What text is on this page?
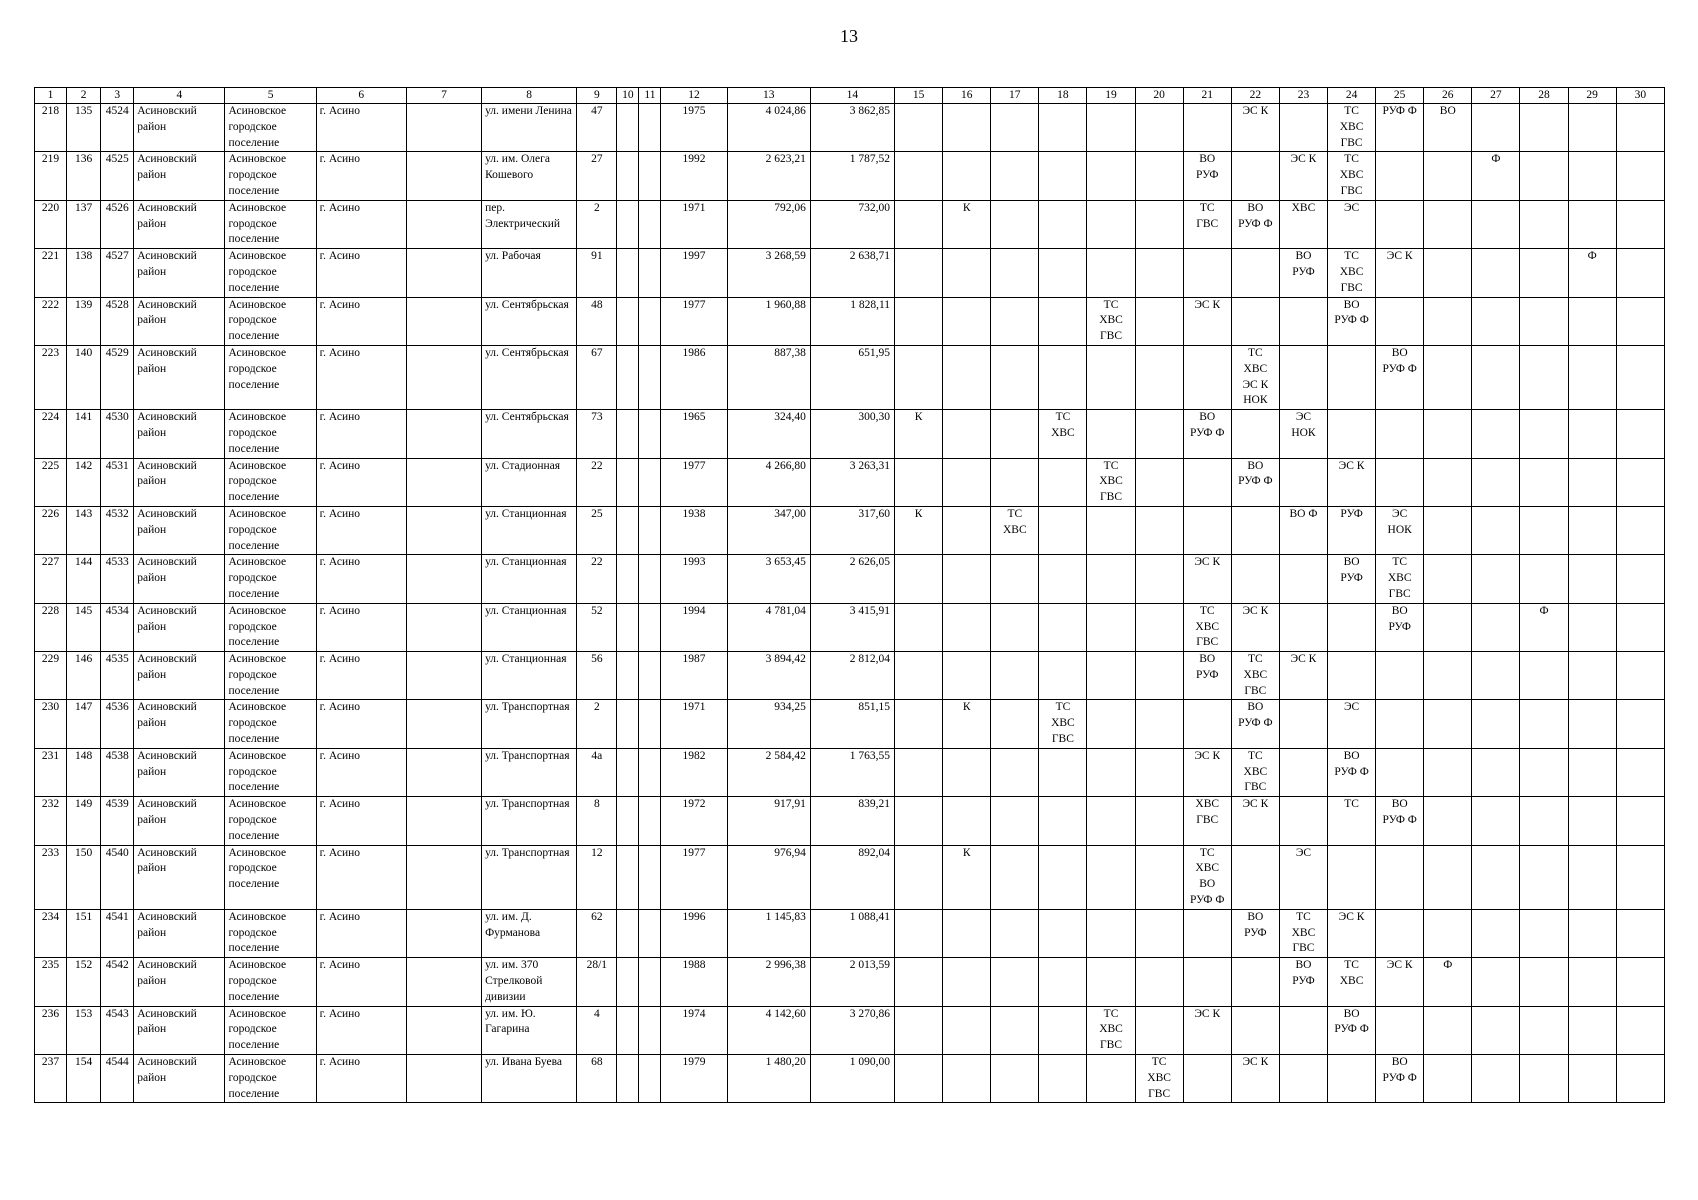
13
1	2	3	4	5	6	7	8	9	10	11	12	13	14	15	16	17	18	19	20	21	22	23	24	25	26	27	28	29	30
218	135	4524	Асиновский район	Асиновское городское поселение	г. Асино		ул. имени Ленина	47			1975	4 024,86	3 862,85								ЭС К		ТС
ХВС
ГВС	РУФ Ф	ВО				
219	136	4525	Асиновский район	Асиновское городское поселение	г. Асино		ул. им. Олега Кошевого	27			1992	2 623,21	1 787,52							ВО
РУФ		ЭС К	ТС
ХВС
ГВС			Ф			
220	137	4526	Асиновский район	Асиновское городское поселение	г. Асино		пер. Электрический	2			1971	792,06	732,00		К					ТС
ГВС	ВО
РУФ Ф	ХВС	ЭС						
221	138	4527	Асиновский район	Асиновское городское поселение	г. Асино		ул. Рабочая	91			1997	3 268,59	2 638,71									ВО
РУФ	ТС
ХВС
ГВС	ЭС К				Ф	
222	139	4528	Асиновский район	Асиновское городское поселение	г. Асино		ул. Сентябрьская	48			1977	1 960,88	1 828,11					ТС
ХВС
ГВС		ЭС К			ВО
РУФ Ф						

223	140	4529	Асиновский район	Асиновское городское поселение	г. Асино		ул. Сентябрьская	67			1986	887,38	651,95								ТС
ХВС
ЭС К
НОК			ВО
РУФ Ф					

224	141	4530	Асиновский район	Асиновское городское поселение	г. Асино		ул. Сентябрьская	73			1965	324,40	300,30	К			ТС
ХВС			ВО
РУФ Ф		ЭС
НОК							

225	142	4531	Асиновский район	Асиновское городское поселение	г. Асино		ул. Стадионная	22			1977	4 266,80	3 263,31					ТС
ХВС
ГВС			ВО
РУФ Ф		ЭС К						
226	143	4532	Асиновский район	Асиновское городское поселение	г. Асино		ул. Станционная	25			1938	347,00	317,60	К		ТС
ХВС						ВО Ф	РУФ	ЭС
НОК					

227	144	4533	Асиновский район	Асиновское городское поселение	г. Асино		ул. Станционная	22			1993	3 653,45	2 626,05							ЭС К			ВО
РУФ	ТС
ХВС
ГВС					

228	145	4534	Асиновский район	Асиновское городское поселение	г. Асино		ул. Станционная	52			1994	4 781,04	3 415,91							ТС
ХВС
ГВС	ЭС К			ВО
РУФ			Ф		
229	146	4535	Асиновский район	Асиновское городское поселение	г. Асино		ул. Станционная	56			1987	3 894,42	2 812,04							ВО
РУФ	ТС
ХВС
ГВС	ЭС К							
230	147	4536	Асиновский район	Асиновское городское поселение	г. Асино		ул. Транспортная	2			1971	934,25	851,15		К		ТС
ХВС
ГВС				ВО
РУФ Ф		ЭС						
231	148	4538	Асиновский район	Асиновское городское поселение	г. Асино		ул. Транспортная	4а			1982	2 584,42	1 763,55							ЭС К	ТС
ХВС
ГВС		ВО
РУФ Ф						

232	149	4539	Асиновский район	Асиновское городское поселение	г. Асино		ул. Транспортная	8			1972	917,91	839,21							ХВС
ГВС	ЭС К		ТС	ВО
РУФ Ф					

233	150	4540	Асиновский район	Асиновское городское поселение	г. Асино		ул. Транспортная	12			1977	976,94	892,04		К					ТС
ХВС
ВО
РУФ Ф		ЭС							
234	151	4541	Асиновский район	Асиновское городское поселение	г. Асино		ул. им. Д. Фурманова	62			1996	1 145,83	1 088,41								ВО
РУФ	ТС
ХВС
ГВС	ЭС К						
235	152	4542	Асиновский район	Асиновское городское поселение	г. Асино		ул. им. 370 Стрелковой дивизии	28/1			1988	2 996,38	2 013,59									ВО
РУФ	ТС
ХВС	ЭС К	Ф				
236	153	4543	Асиновский район	Асиновское городское поселение	г. Асино		ул. им. Ю. Гагарина	4			1974	4 142,60	3 270,86					ТС
ХВС
ГВС		ЭС К			ВО
РУФ Ф						

237	154	4544	Асиновский район	Асиновское городское поселение	г. Асино		ул. Ивана Буева	68			1979	1 480,20	1 090,00						ТС
ХВС
ГВС		ЭС К			ВО
РУФ Ф					
